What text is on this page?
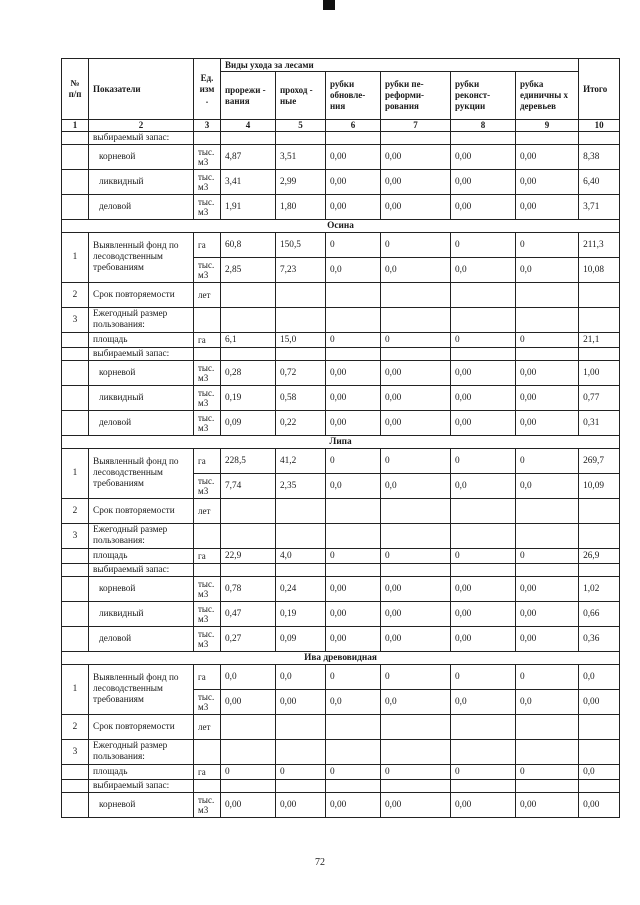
№ п/п	Показатели	Ед. изм .	Виды ухода за лесами						Итого
			прорежи - вания	проход - ные	рубки обновле- ния	рубки пе- реформи- рования	рубки реконст- рукции	рубка единичны х деревьев	
1	2	3	4	5	6	7	8	9	10
	выбираемый запас:								
	корневой	тыс. м3	4,87	3,51	0,00	0,00	0,00	0,00	8,38
	ликвидный	тыс. м3	3,41	2,99	0,00	0,00	0,00	0,00	6,40
	деловой	тыс. м3	1,91	1,80	0,00	0,00	0,00	0,00	3,71
Осина									
1	Выявленный фонд по лесоводственным требованиям	га	60,8	150,5	0	0	0	0	211,3
		тыс. м3	2,85	7,23	0,0	0,0	0,0	0,0	10,08
2	Срок повторяемости	лет							
3	Ежегодный размер пользования:								
	площадь	га	6,1	15,0	0	0	0	0	21,1
	выбираемый запас:								
	корневой	тыс. м3	0,28	0,72	0,00	0,00	0,00	0,00	1,00
	ликвидный	тыс. м3	0,19	0,58	0,00	0,00	0,00	0,00	0,77
	деловой	тыс. м3	0,09	0,22	0,00	0,00	0,00	0,00	0,31
Липа									
1	Выявленный фонд по лесоводственным требованиям	га	228,5	41,2	0	0	0	0	269,7
		тыс. м3	7,74	2,35	0,0	0,0	0,0	0,0	10,09
2	Срок повторяемости	лет							
3	Ежегодный размер пользования:								
	площадь	га	22,9	4,0	0	0	0	0	26,9
	выбираемый запас:								
	корневой	тыс. м3	0,78	0,24	0,00	0,00	0,00	0,00	1,02
	ликвидный	тыс. м3	0,47	0,19	0,00	0,00	0,00	0,00	0,66
	деловой	тыс. м3	0,27	0,09	0,00	0,00	0,00	0,00	0,36
Ива древовидная									
1	Выявленный фонд по лесоводственным требованиям	га	0,0	0,0	0	0	0	0	0,0
		тыс. м3	0,00	0,00	0,0	0,0	0,0	0,0	0,00
2	Срок повторяемости	лет							
3	Ежегодный размер пользования:								
	площадь	га	0	0	0	0	0	0	0,0
	выбираемый запас:								
	корневой	тыс. м3	0,00	0,00	0,00	0,00	0,00	0,00	0,00
72
